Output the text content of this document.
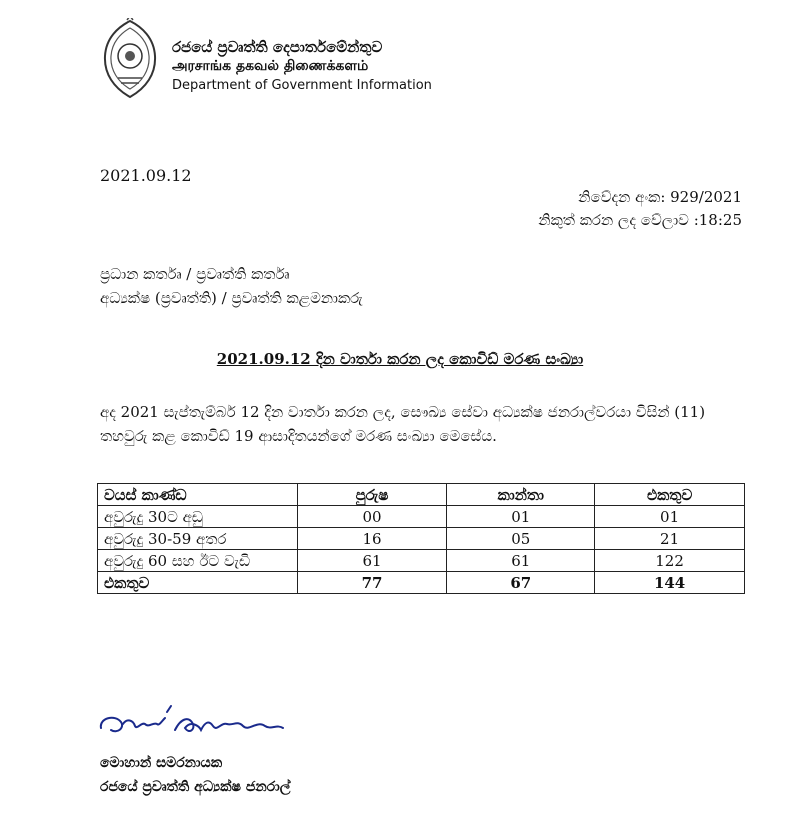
රජයේ ප්‍රවෘත්ති දෙපාර්තමේන්තුව
அரசாங்க தகவல் திணைக்களம்
Department of Government Information
2021.09.12
නිවේදන අංක: 929/2021
නිකුත් කරන ලද වේලාව :18:25
ප්‍රධාන කර්තෘ / ප්‍රවෘත්ති කර්තෘ
අධ්‍යක්ෂ (ප්‍රවෘත්ති) / ප්‍රවෘත්ති කළමනාකරු
2021.09.12 දින වාර්තා කරන ලද කොවිඩ් මරණ සංඛ්‍යා
අද 2021 සැප්තැම්බර් 12 දින වාර්තා කරන ලද, සෞඛ්‍ය සේවා අධ්‍යක්ෂ ජනරාල්වරයා විසින් (11) තහවුරු කළ කොවිඩ් 19 ආසාදිතයන්ගේ මරණ සංඛ්‍යා මෙසේය.
වයස් කාණ්ඩ	පුරුෂ	කාන්තා	එකතුව
අවුරුදු 30ට අඩු	00	01	01
අවුරුදු 30-59 අතර	16	05	21
අවුරුදු 60 සහ ඊට වැඩි	61	61	122
එකතුව	77	67	144
මොහාන් සමරනායක
රජයේ ප්‍රවෘත්ති අධ්‍යක්ෂ ජනරාල්
